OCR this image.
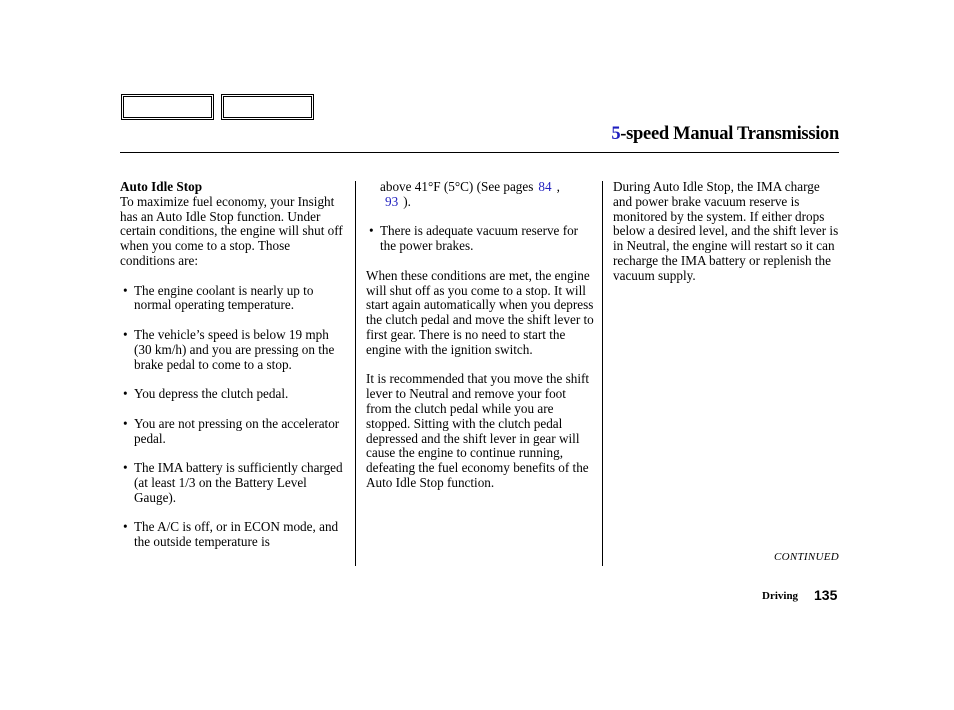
5-speed Manual Transmission
Auto Idle Stop

To maximize fuel economy, your Insight has an Auto Idle Stop function. Under certain conditions, the engine will shut off when you come to a stop. Those conditions are:

• The engine coolant is nearly up to normal operating temperature.

• The vehicle’s speed is below 19 mph (30 km/h) and you are pressing on the brake pedal to come to a stop.

• You depress the clutch pedal.

• You are not pressing on the accelerator pedal.

• The IMA battery is sufficiently charged (at least 1/3 on the Battery Level Gauge).

• The A/C is off, or in ECON mode, and the outside temperature is

above 41°F (5°C) (See pages 84 ,
93 ).

• There is adequate vacuum reserve for the power brakes.

When these conditions are met, the engine will shut off as you come to a stop. It will start again automatically when you depress the clutch pedal and move the shift lever to first gear. There is no need to start the engine with the ignition switch.

It is recommended that you move the shift lever to Neutral and remove your foot from the clutch pedal while you are stopped. Sitting with the clutch pedal depressed and the shift lever in gear will cause the engine to continue running, defeating the fuel economy benefits of the Auto Idle Stop function.

During Auto Idle Stop, the IMA charge and power brake vacuum reserve is monitored by the system. If either drops below a desired level, and the shift lever is in Neutral, the engine will restart so it can recharge the IMA battery or replenish the vacuum supply.

CONTINUED
Driving 135
